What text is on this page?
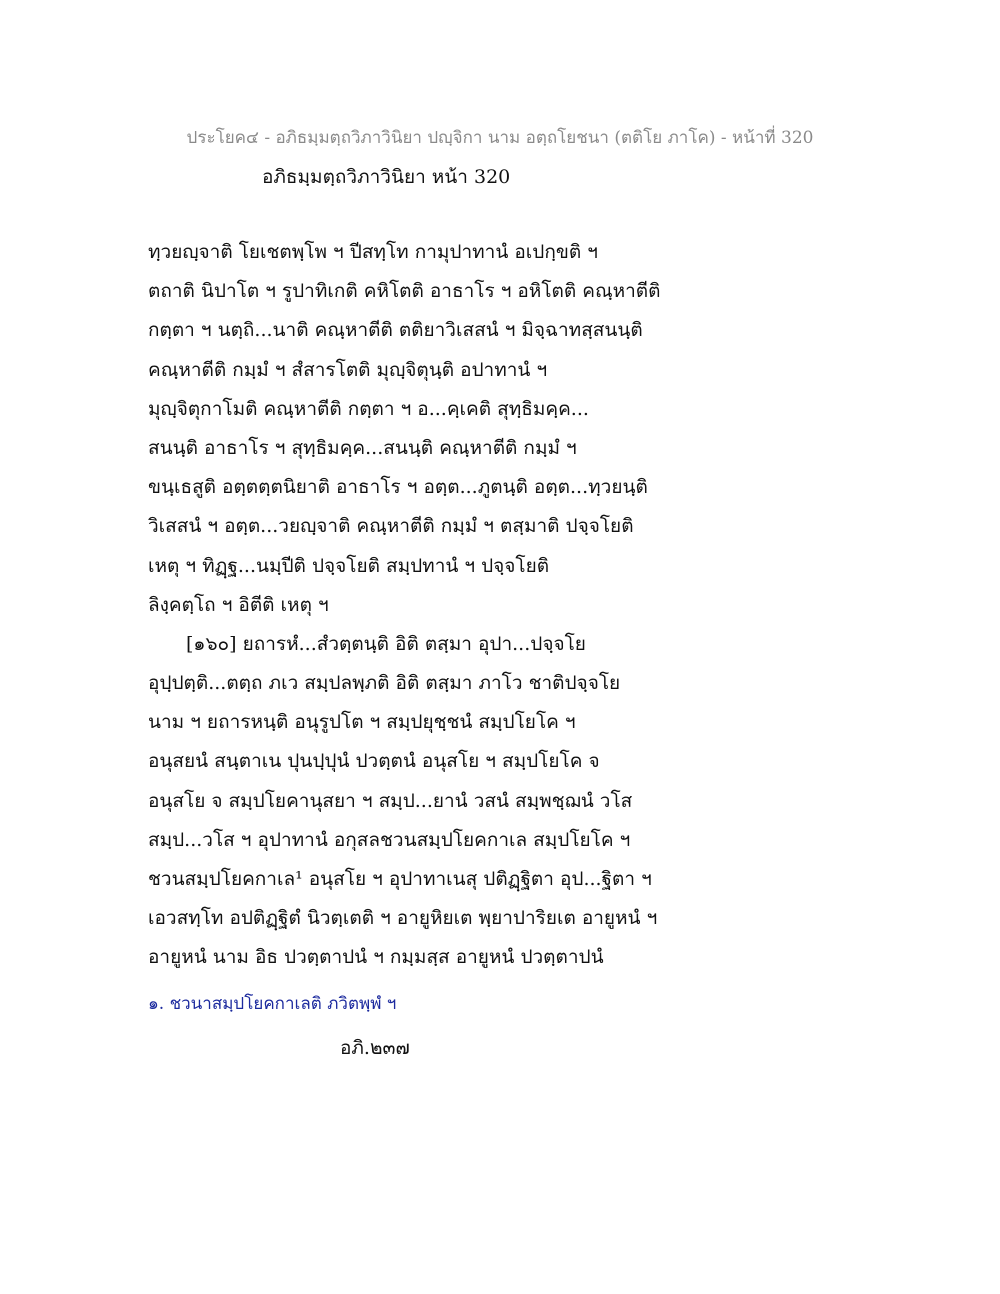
ประโยค๔ - อภิธมฺมตฺถวิภาวินิยา ปญฺจิกา นาม อตฺถโยชนา (ตติโย ภาโค) - หน้าที่ 320
อภิธมฺมตฺถวิภาวินิยา หน้า 320
ทฺวยญฺจาติ โยเชตพฺโพ ฯ ปีสทฺโท กามุปาทานํ อเปกฺขติ ฯ
ตถาติ นิปาโต ฯ รูปาทิเกติ คหิโตติ อาธาโร ฯ อหิโตติ คณฺหาตีติ
กตฺตา ฯ นตฺถิ...นาติ คณฺหาตีติ ตติยาวิเสสนํ ฯ มิจฺฉาทสฺสนนฺติ
คณฺหาตีติ กมฺมํ ฯ สํสารโตติ มุญฺจิตุนฺติ อปาทานํ ฯ
มุญฺจิตุกาโมติ คณฺหาตีติ กตฺตา ฯ อ...คฺเคติ สุทฺธิมคฺค...
สนนฺติ อาธาโร ฯ สุทฺธิมคฺค...สนนฺติ คณฺหาตีติ กมฺมํ ฯ
ขนฺเธสูติ อตฺตตฺตนิยาติ อาธาโร ฯ อตฺต...ภูตนฺติ อตฺต...ทฺวยนฺติ
วิเสสนํ ฯ อตฺต...วยญฺจาติ คณฺหาตีติ กมฺมํ ฯ ตสฺมาติ ปจฺจโยติ
เหตุ ฯ ทิฏฺฐ...นมฺปีติ ปจฺจโยติ สมฺปทานํ ฯ ปจฺจโยติ
ลิงฺคตฺโถ ฯ อิตีติ เหตุ ฯ
[๑๖๐] ยถารหํ...สํวตฺตนฺติ อิติ ตสฺมา อุปา...ปจฺจโย
อุปฺปตฺติ...ตตฺถ ภเว สมฺปลพฺภติ อิติ ตสฺมา ภาโว ชาติปจฺจโย
นาม ฯ ยถารหนฺติ อนุรูปโต ฯ สมฺปยุชฺชนํ สมฺปโยโค ฯ
อนุสยนํ สนฺตาเน ปุนปฺปุนํ ปวตฺตนํ อนุสโย ฯ สมฺปโยโค จ
อนุสโย จ สมฺปโยคานุสยา ฯ สมฺป...ยานํ วสนํ สมฺพชฺฌนํ วโส
สมฺป...วโส ฯ อุปาทานํ อกุสลชวนสมฺปโยคกาเล สมฺปโยโค ฯ
ชวนสมฺปโยคกาเล¹ อนุสโย ฯ อุปาทาเนสุ ปติฏฺฐิตา อุป...ฐิตา ฯ
เอวสทฺโท อปติฏฺฐิตํ นิวตฺเตติ ฯ อายูหิยเต พฺยาปาริยเต อายูหนํ ฯ
อายูหนํ นาม อิธ ปวตฺตาปนํ ฯ กมฺมสฺส อายูหนํ ปวตฺตาปนํ
๑. ชวนาสมฺปโยคกาเลติ ภวิตพฺพํ ฯ
อภิ.๒๓๗
